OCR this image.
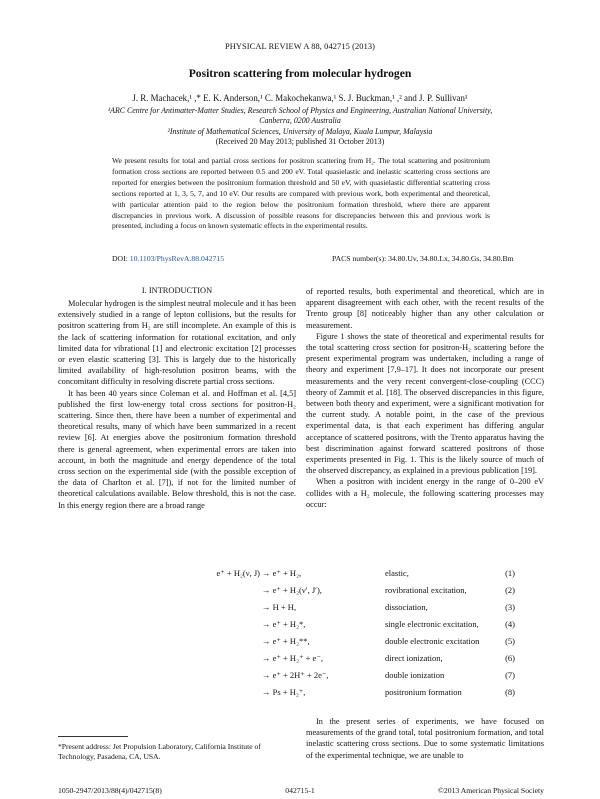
PHYSICAL REVIEW A 88, 042715 (2013)
Positron scattering from molecular hydrogen
J. R. Machacek,¹ ,* E. K. Anderson,¹ C. Makochekanwa,¹ S. J. Buckman,¹ ,² and J. P. Sullivan¹
¹ARC Centre for Antimatter-Matter Studies, Research School of Physics and Engineering, Australian National University,
Canberra, 0200 Australia
²Institute of Mathematical Sciences, University of Malaya, Kuala Lumpur, Malaysia
(Received 20 May 2013; published 31 October 2013)
We present results for total and partial cross sections for positron scattering from H₂. The total scattering and positronium formation cross sections are reported between 0.5 and 200 eV. Total quasielastic and inelastic scattering cross sections are reported for energies between the positronium formation threshold and 50 eV, with quasielastic differential scattering cross sections reported at 1, 3, 5, 7, and 10 eV. Our results are compared with previous work, both experimental and theoretical, with particular attention paid to the region below the positronium formation threshold, where there are apparent discrepancies in previous work. A discussion of possible reasons for discrepancies between this and previous work is presented, including a focus on known systematic effects in the experimental results.
DOI: 10.1103/PhysRevA.88.042715	PACS number(s): 34.80.Uv, 34.80.Lx, 34.80.Gs, 34.80.Bm
I. INTRODUCTION

Molecular hydrogen is the simplest neutral molecule and it has been extensively studied in a range of lepton collisions, but the results for positron scattering from H₂ are still incomplete. An example of this is the lack of scattering information for rotational excitation, and only limited data for vibrational [1] and electronic excitation [2] processes or even elastic scattering [3]. This is largely due to the historically limited availability of high-resolution positron beams, with the concomitant difficulty in resolving discrete partial cross sections.

It has been 40 years since Coleman et al. and Hoffman et al. [4,5] published the first low-energy total cross sections for positron-H₂ scattering. Since then, there have been a number of experimental and theoretical results, many of which have been summarized in a recent review [6]. At energies above the positronium formation threshold there is general agreement, when experimental errors are taken into account, in both the magnitude and energy dependence of the total cross section on the experimental side (with the possible exception of the data of Charlton et al. [7]), if not for the limited number of theoretical calculations available. Below threshold, this is not the case. In this energy region there are a broad range

of reported results, both experimental and theoretical, which are in apparent disagreement with each other, with the recent results of the Trento group [8] noticeably higher than any other calculation or measurement.

Figure 1 shows the state of theoretical and experimental results for the total scattering cross section for positron-H₂ scattering before the present experimental program was undertaken, including a range of theory and experiment [7,9–17]. It does not incorporate our present measurements and the very recent convergent-close-coupling (CCC) theory of Zammit et al. [18]. The observed discrepancies in this figure, between both theory and experiment, were a significant motivation for the current study. A notable point, in the case of the previous experimental data, is that each experiment has differing angular acceptance of scattered positrons, with the Trento apparatus having the best discrimination against forward scattered positrons of those experiments presented in Fig. 1. This is the likely source of much of the observed discrepancy, as explained in a previous publication [19].

When a positron with incident energy in the range of 0–200 eV collides with a H₂ molecule, the following scattering processes may occur:

e⁺ + H₂(ν, J) → e⁺ + H₂,	elastic,	(1)
→ e⁺ + H₂(ν′, J′),	rovibrational excitation,	(2)
→ H + H,	dissociation,	(3)
→ e⁺ + H₂*,	single electronic excitation,	(4)
→ e⁺ + H₂**,	double electronic excitation	(5)
→ e⁺ + H₂⁺ + e⁻,	direct ionization,	(6)
→ e⁺ + 2H⁺ + 2e⁻,	double ionization	(7)
→ Ps + H₂⁺,	positronium formation	(8)
*Present address: Jet Propulsion Laboratory, California Institute of Technology, Pasadena, CA, USA.

In the present series of experiments, we have focused on measurements of the grand total, total positronium formation, and total inelastic scattering cross sections. Due to some systematic limitations of the experimental technique, we are unable to

1050-2947/2013/88(4)/042715(8)	042715-1	©2013 American Physical Society
